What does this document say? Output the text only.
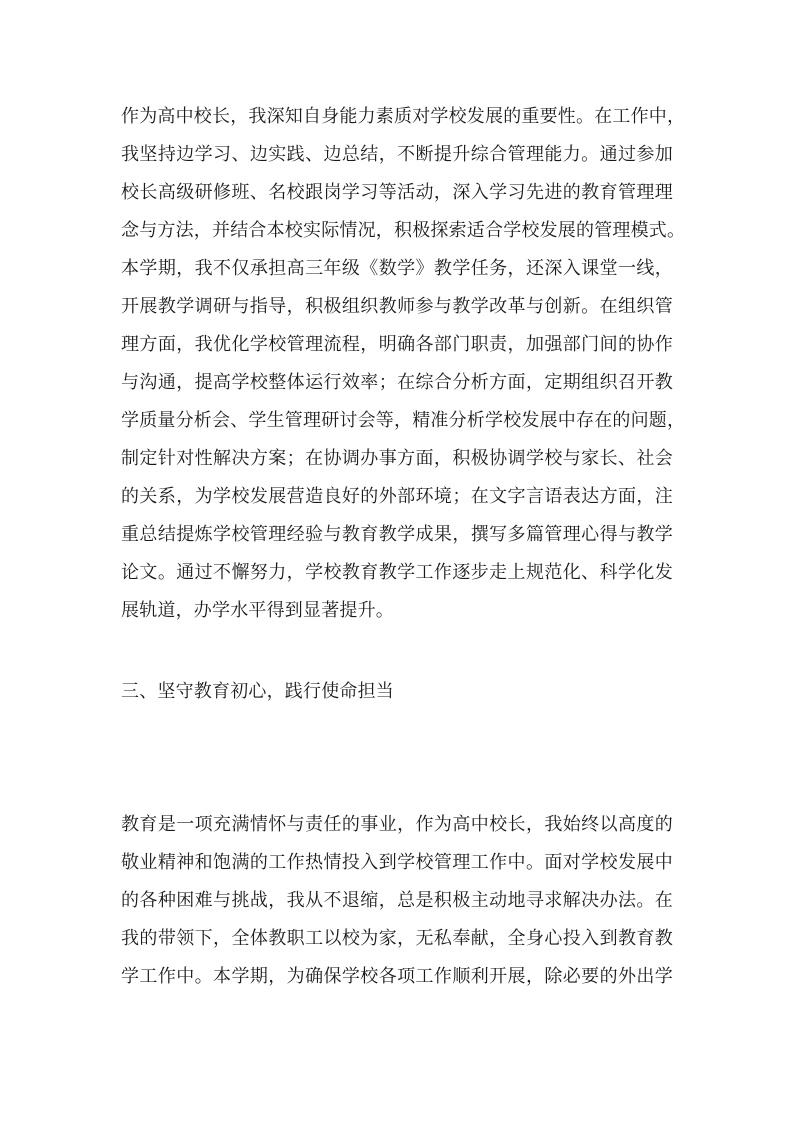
作为高中校长，我深知自身能力素质对学校发展的重要性。在工作中，
我坚持边学习、边实践、边总结，不断提升综合管理能力。通过参加
校长高级研修班、名校跟岗学习等活动，深入学习先进的教育管理理
念与方法，并结合本校实际情况，积极探索适合学校发展的管理模式。
本学期，我不仅承担高三年级《数学》教学任务，还深入课堂一线，
开展教学调研与指导，积极组织教师参与教学改革与创新。在组织管
理方面，我优化学校管理流程，明确各部门职责，加强部门间的协作
与沟通，提高学校整体运行效率；在综合分析方面，定期组织召开教
学质量分析会、学生管理研讨会等，精准分析学校发展中存在的问题，
制定针对性解决方案；在协调办事方面，积极协调学校与家长、社会
的关系，为学校发展营造良好的外部环境；在文字言语表达方面，注
重总结提炼学校管理经验与教育教学成果，撰写多篇管理心得与教学
论文。通过不懈努力，学校教育教学工作逐步走上规范化、科学化发
展轨道，办学水平得到显著提升。
三、坚守教育初心，践行使命担当
教育是一项充满情怀与责任的事业，作为高中校长，我始终以高度的
敬业精神和饱满的工作热情投入到学校管理工作中。面对学校发展中
的各种困难与挑战，我从不退缩，总是积极主动地寻求解决办法。在
我的带领下，全体教职工以校为家，无私奉献，全身心投入到教育教
学工作中。本学期，为确保学校各项工作顺利开展，除必要的外出学
